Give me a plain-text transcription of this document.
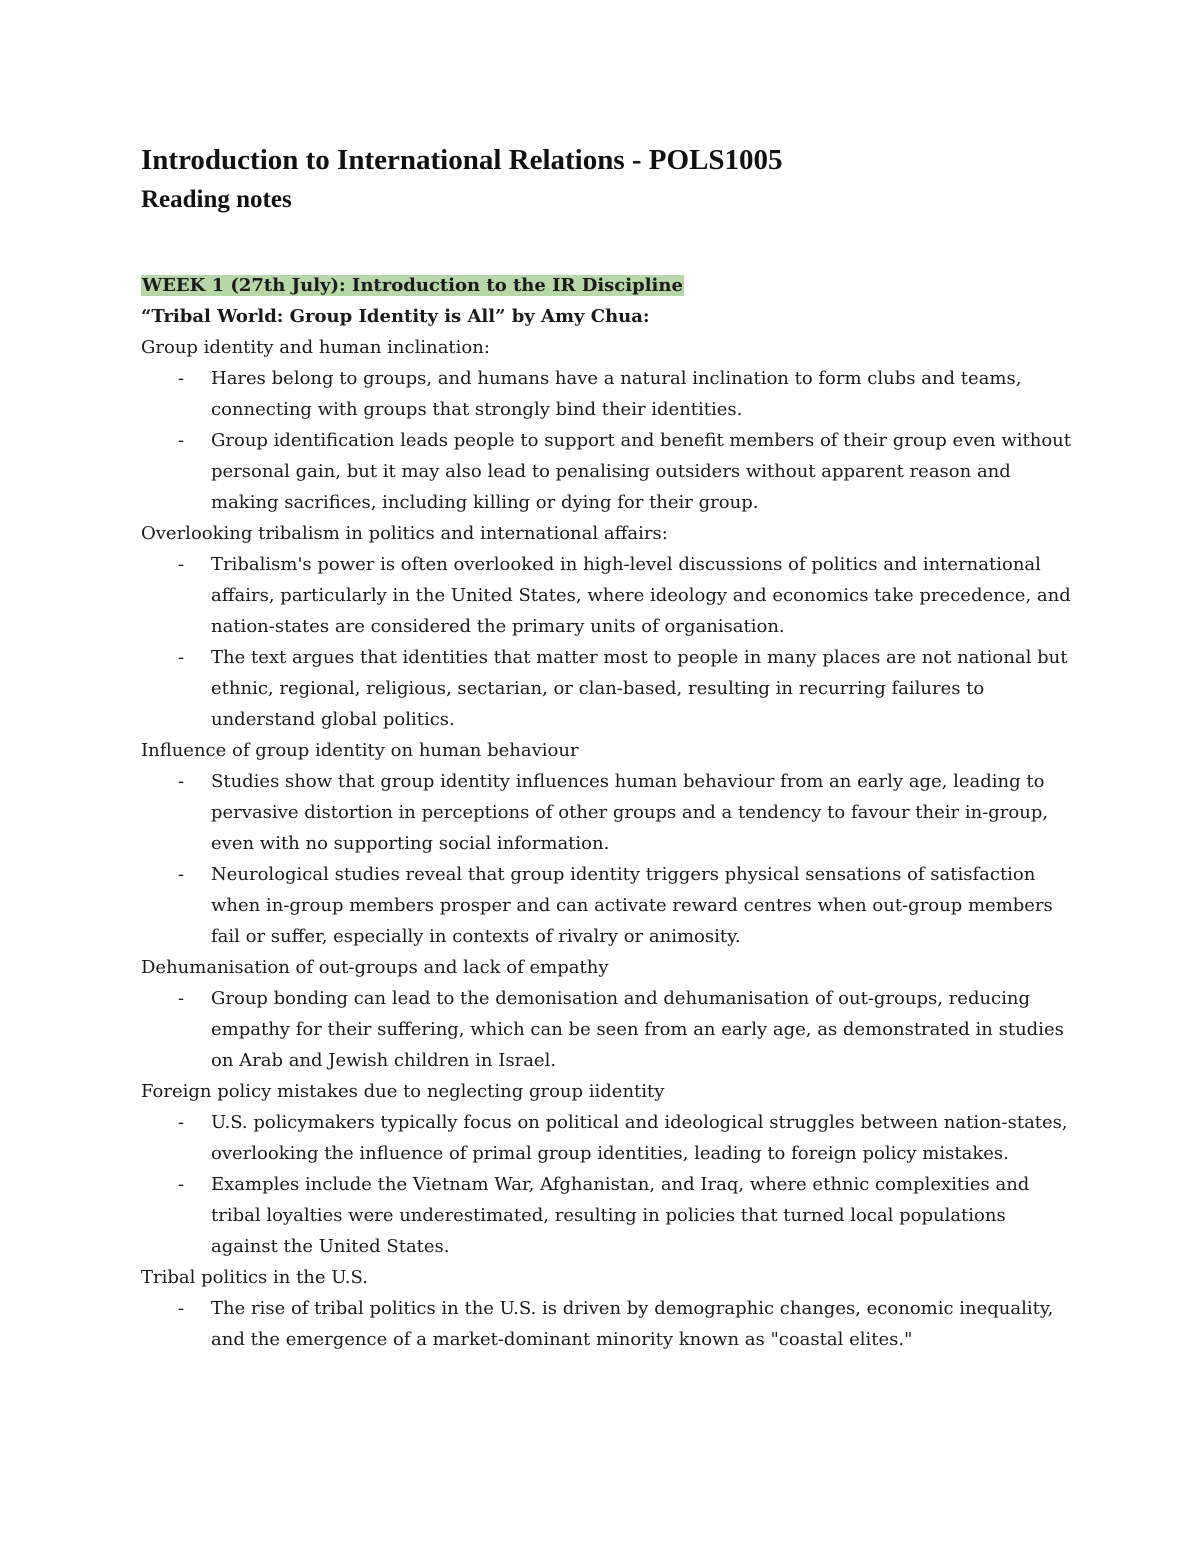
Introduction to International Relations - POLS1005
Reading notes

WEEK 1 (27th July): Introduction to the IR Discipline

“Tribal World: Group Identity is All” by Amy Chua:

Group identity and human inclination:

- Hares belong to groups, and humans have a natural inclination to form clubs and teams, connecting with groups that strongly bind their identities.
- Group identification leads people to support and benefit members of their group even without personal gain, but it may also lead to penalising outsiders without apparent reason and making sacrifices, including killing or dying for their group.

Overlooking tribalism in politics and international affairs:

- Tribalism's power is often overlooked in high-level discussions of politics and international affairs, particularly in the United States, where ideology and economics take precedence, and nation-states are considered the primary units of organisation.
- The text argues that identities that matter most to people in many places are not national but ethnic, regional, religious, sectarian, or clan-based, resulting in recurring failures to understand global politics.

Influence of group identity on human behaviour

- Studies show that group identity influences human behaviour from an early age, leading to pervasive distortion in perceptions of other groups and a tendency to favour their in-group, even with no supporting social information.
- Neurological studies reveal that group identity triggers physical sensations of satisfaction when in-group members prosper and can activate reward centres when out-group members fail or suffer, especially in contexts of rivalry or animosity.

Dehumanisation of out-groups and lack of empathy

- Group bonding can lead to the demonisation and dehumanisation of out-groups, reducing empathy for their suffering, which can be seen from an early age, as demonstrated in studies on Arab and Jewish children in Israel.

Foreign policy mistakes due to neglecting group iidentity

- U.S. policymakers typically focus on political and ideological struggles between nation-states, overlooking the influence of primal group identities, leading to foreign policy mistakes.
- Examples include the Vietnam War, Afghanistan, and Iraq, where ethnic complexities and tribal loyalties were underestimated, resulting in policies that turned local populations against the United States.

Tribal politics in the U.S.

- The rise of tribal politics in the U.S. is driven by demographic changes, economic inequality, and the emergence of a market-dominant minority known as "coastal elites."
